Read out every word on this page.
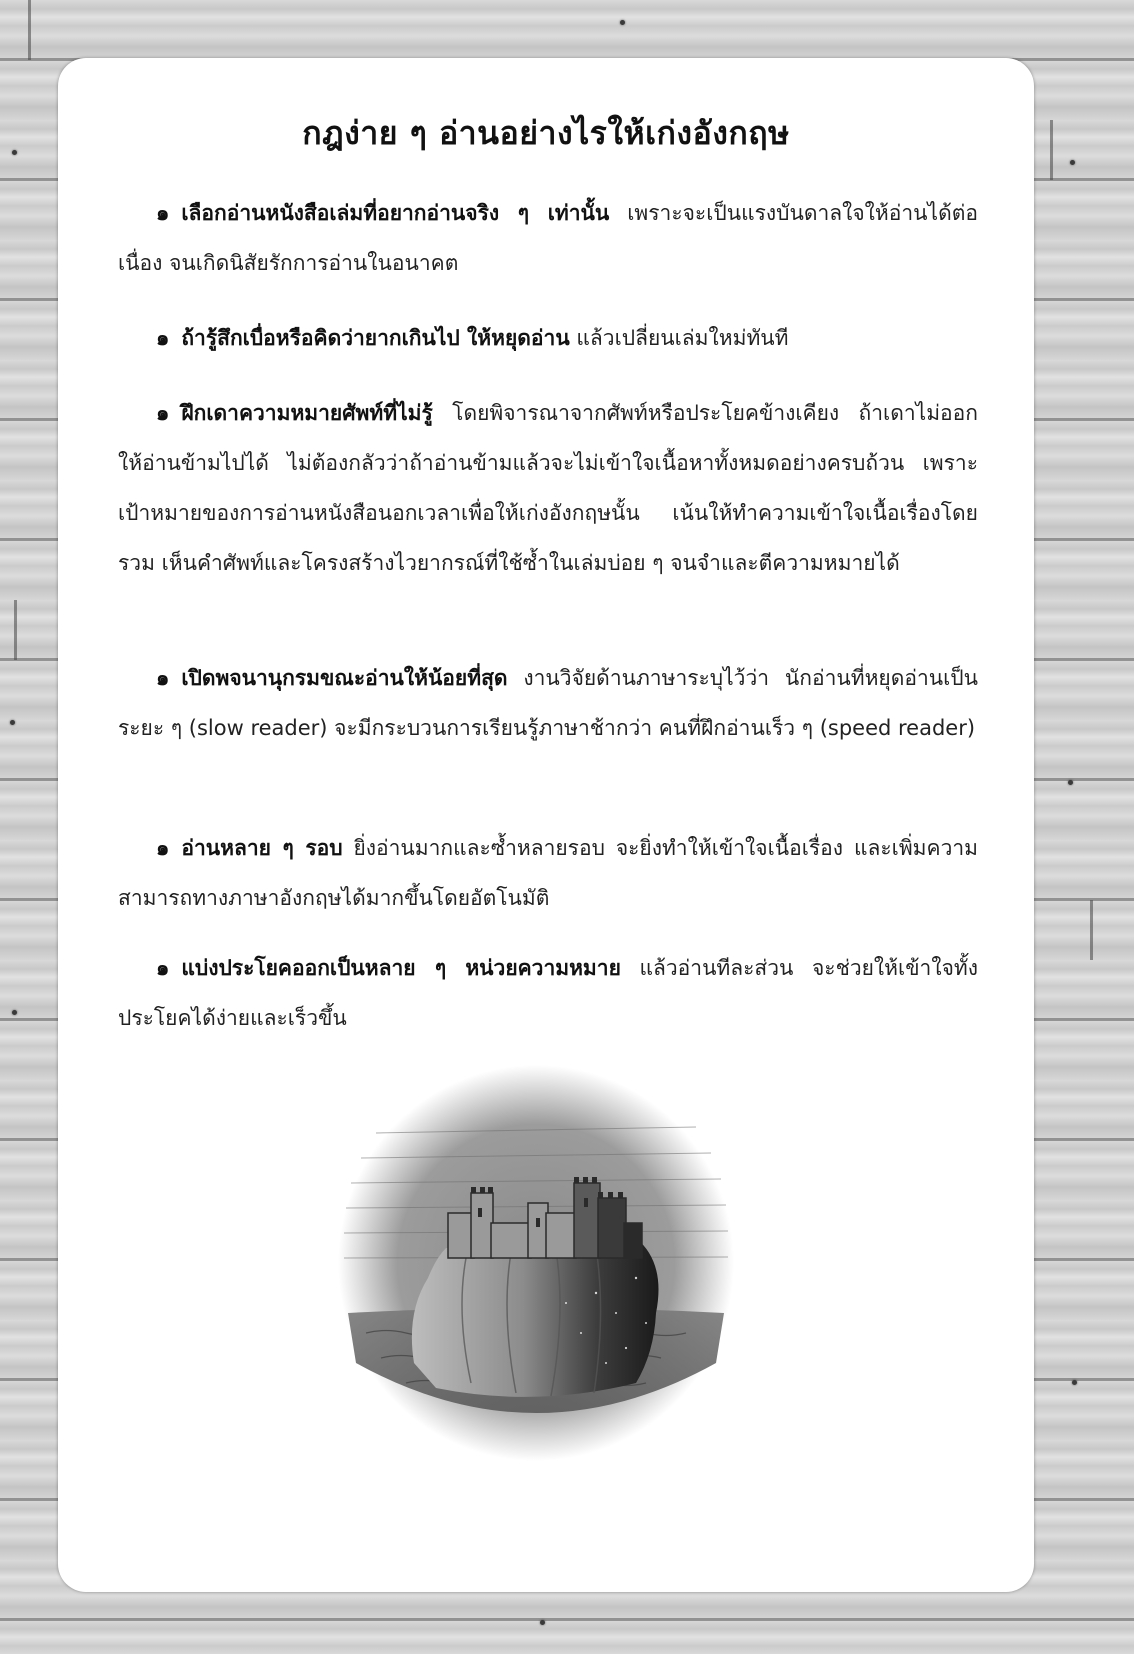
กฎง่าย ๆ อ่านอย่างไรให้เก่งอังกฤษ

๑ เลือกอ่านหนังสือเล่มที่อยากอ่านจริง ๆ เท่านั้น เพราะจะเป็นแรงบันดาลใจให้อ่านได้ต่อเนื่อง จนเกิดนิสัยรักการอ่านในอนาคต

๑ ถ้ารู้สึกเบื่อหรือคิดว่ายากเกินไป ให้หยุดอ่าน แล้วเปลี่ยนเล่มใหม่ทันที

๑ ฝึกเดาความหมายศัพท์ที่ไม่รู้ โดยพิจารณาจากศัพท์หรือประโยคข้างเคียง ถ้าเดาไม่ออก ให้อ่านข้ามไปได้ ไม่ต้องกลัวว่าถ้าอ่านข้ามแล้วจะไม่เข้าใจเนื้อหาทั้งหมดอย่างครบถ้วน เพราะเป้าหมายของการอ่านหนังสือนอกเวลาเพื่อให้เก่งอังกฤษนั้น เน้นให้ทำความเข้าใจเนื้อเรื่องโดยรวม เห็นคำศัพท์และโครงสร้างไวยากรณ์ที่ใช้ซ้ำในเล่มบ่อย ๆ จนจำและตีความหมายได้

๑ เปิดพจนานุกรมขณะอ่านให้น้อยที่สุด งานวิจัยด้านภาษาระบุไว้ว่า นักอ่านที่หยุดอ่านเป็นระยะ ๆ (slow reader) จะมีกระบวนการเรียนรู้ภาษาช้ากว่า คนที่ฝึกอ่านเร็ว ๆ (speed reader)

๑ อ่านหลาย ๆ รอบ ยิ่งอ่านมากและซ้ำหลายรอบ จะยิ่งทำให้เข้าใจเนื้อเรื่อง และเพิ่มความสามารถทางภาษาอังกฤษได้มากขึ้นโดยอัตโนมัติ

๑ แบ่งประโยคออกเป็นหลาย ๆ หน่วยความหมาย แล้วอ่านทีละส่วน จะช่วยให้เข้าใจทั้งประโยคได้ง่ายและเร็วขึ้น
